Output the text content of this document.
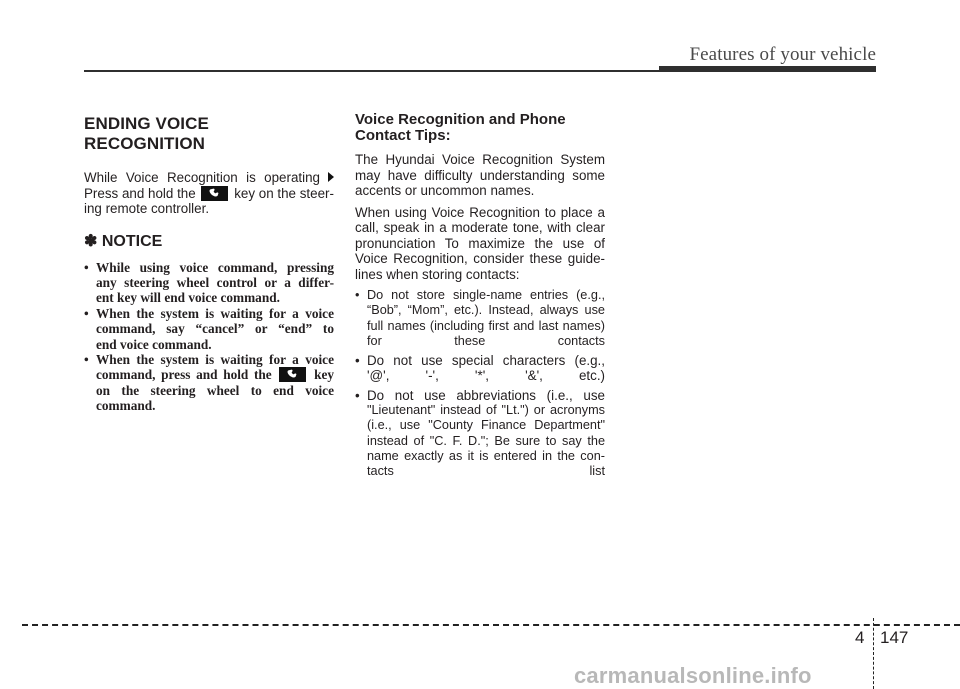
Features of your vehicle
ENDING VOICE RECOGNITION
While Voice Recognition is operating
Press and hold the	key on the steer-
ing remote controller.
✽ NOTICE
• While using voice command, pressing
any steering wheel control or a differ-
ent key will end voice command.
• When the system is waiting for a voice
command, say “cancel” or “end” to
end voice command.
• When the system is waiting for a voice
command, press and hold the	key
on the steering wheel to end voice
command.
Voice Recognition and Phone
Contact Tips:
The Hyundai Voice Recognition System
may have difficulty understanding some
accents or uncommon names.
When using Voice Recognition to place a
call, speak in a moderate tone, with clear
pronunciation To maximize the use of
Voice Recognition, consider these guide-
lines when storing contacts:
• Do not store single-name entries (e.g.,
“Bob”, “Mom”, etc.). Instead, always use
full names (including first and last names)
for these contacts
• Do not use special characters (e.g.,
'@', '-', '*', '&', etc.)
• Do not use abbreviations (i.e., use
"Lieutenant" instead of "Lt.") or acronyms
(i.e., use "County Finance Department"
instead of "C. F. D."; Be sure to say the
name exactly as it is entered in the con-
tacts list
4 147
carmanualsonline.info
